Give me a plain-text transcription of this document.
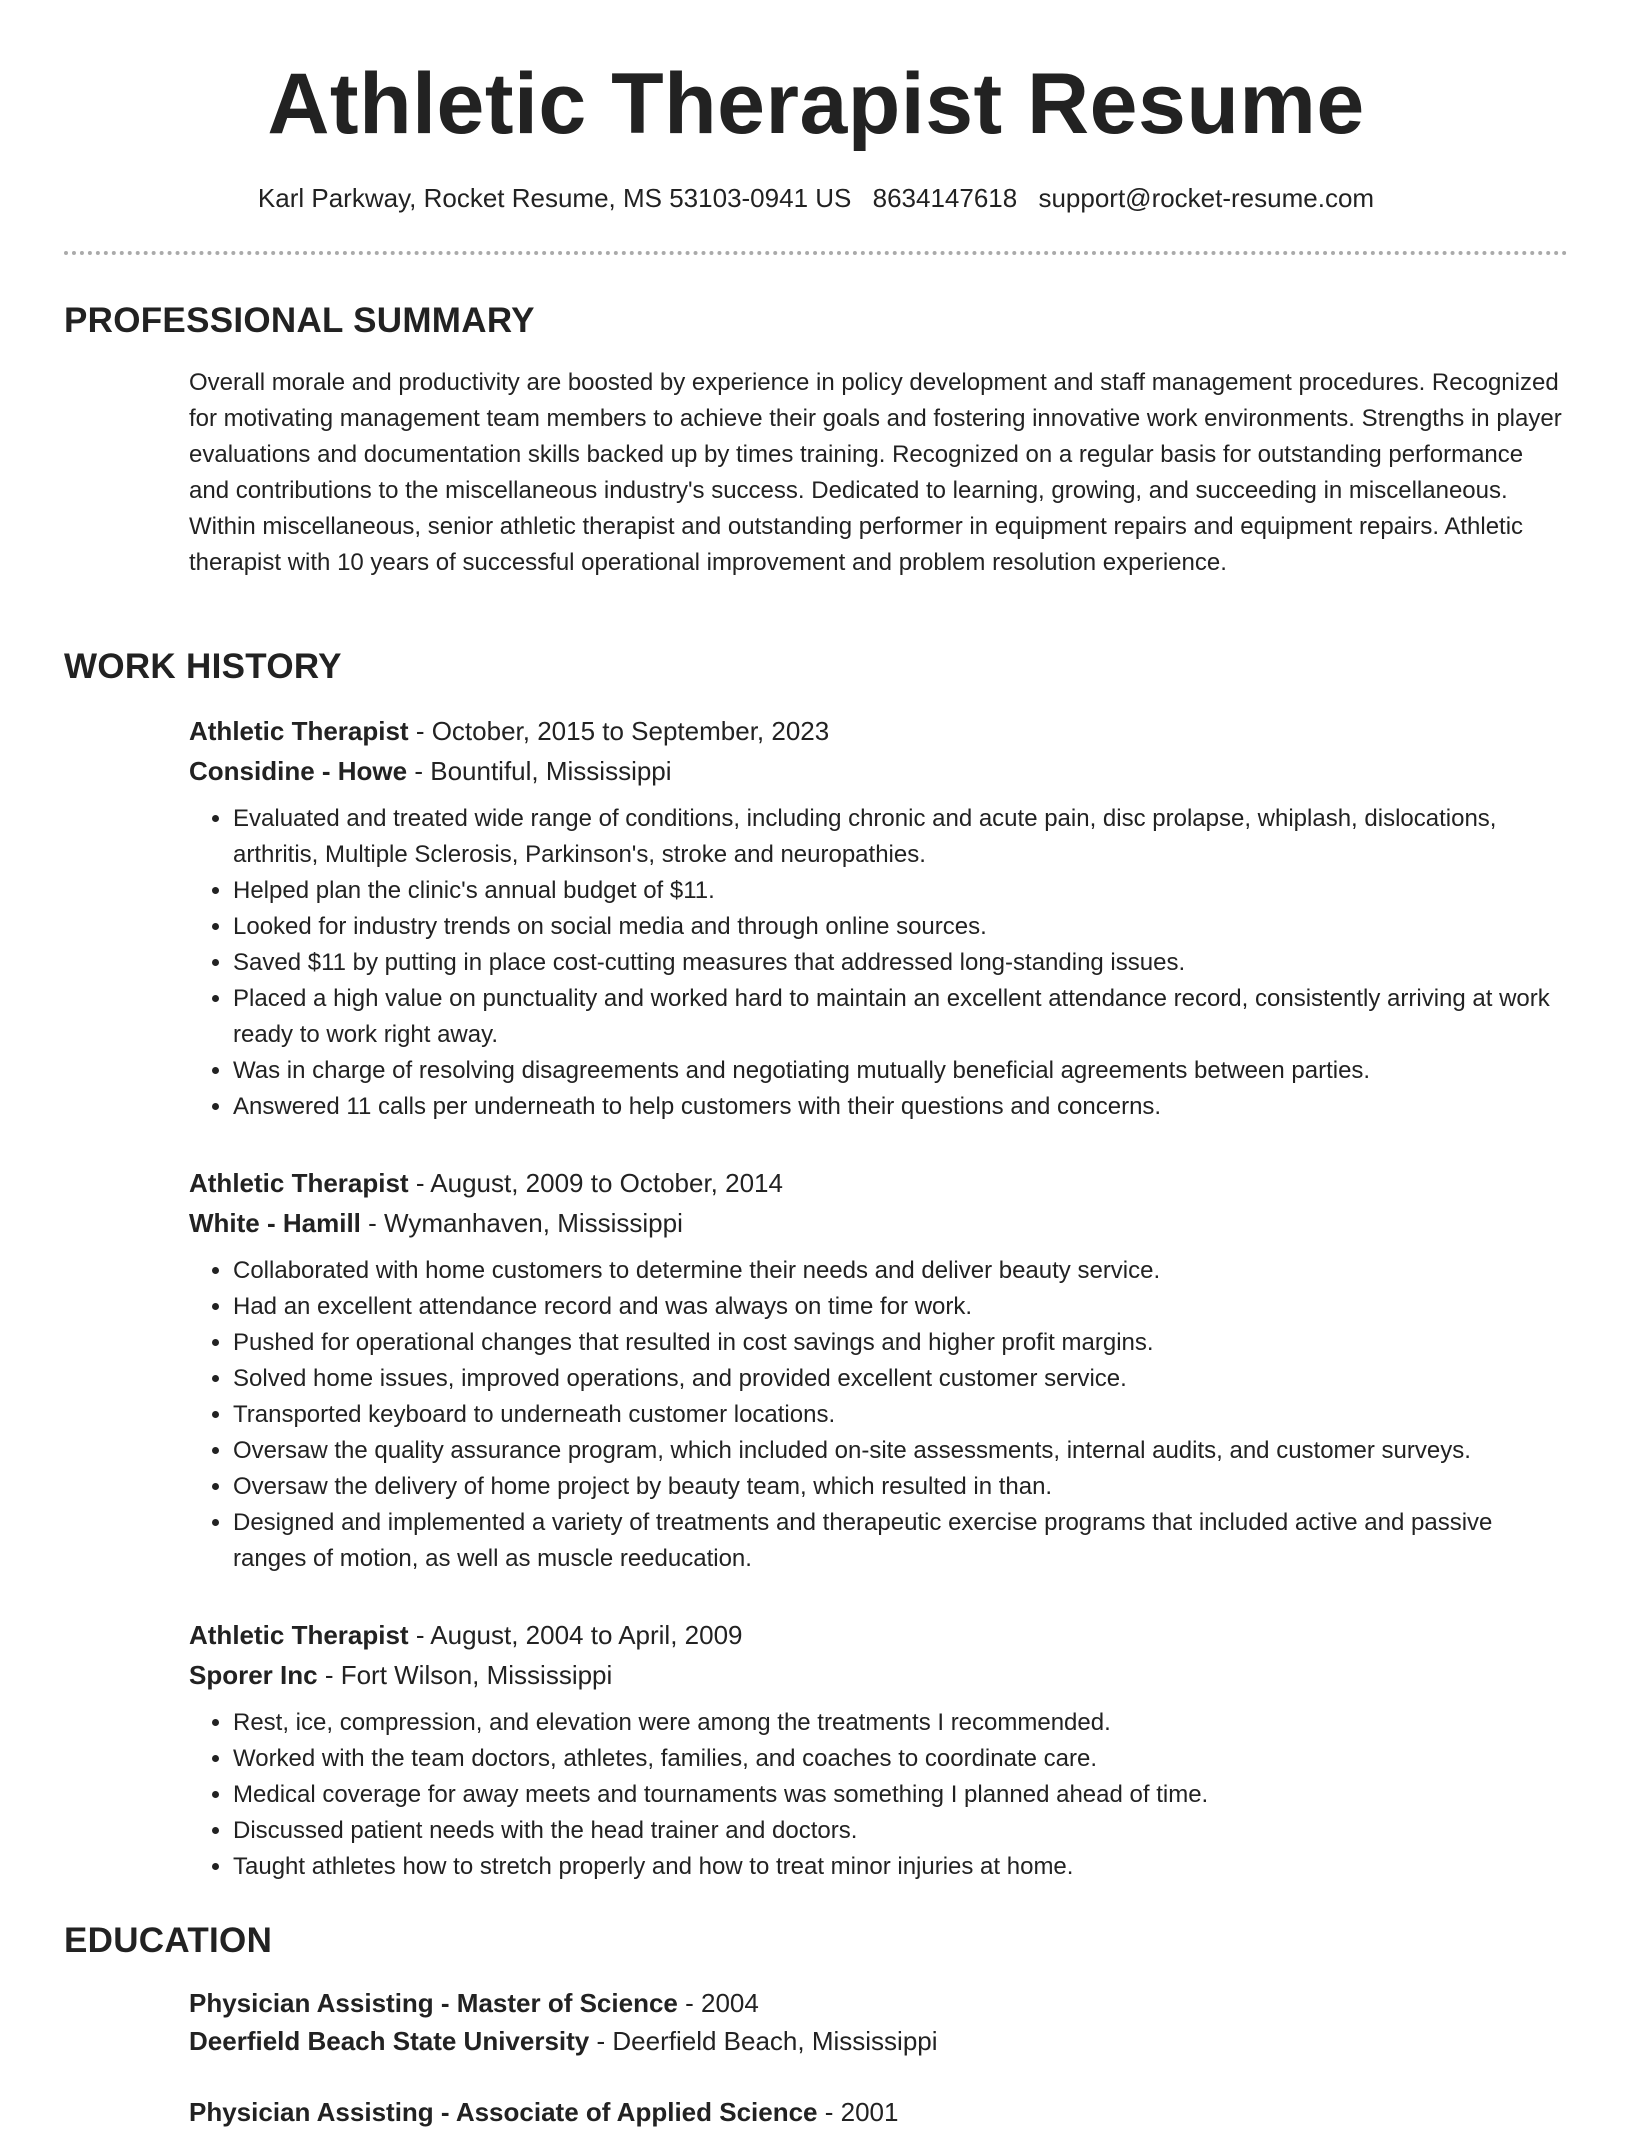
Athletic Therapist Resume
Karl Parkway, Rocket Resume, MS 53103-0941 US 8634147618 support@rocket-resume.com
PROFESSIONAL SUMMARY

Overall morale and productivity are boosted by experience in policy development and staff management procedures. Recognized for motivating management team members to achieve their goals and fostering innovative work environments. Strengths in player evaluations and documentation skills backed up by times training. Recognized on a regular basis for outstanding performance and contributions to the miscellaneous industry's success. Dedicated to learning, growing, and succeeding in miscellaneous. Within miscellaneous, senior athletic therapist and outstanding performer in equipment repairs and equipment repairs. Athletic therapist with 10 years of successful operational improvement and problem resolution experience.

WORK HISTORY
Athletic Therapist - October, 2015 to September, 2023
Considine - Howe - Bountiful, Mississippi
• Evaluated and treated wide range of conditions, including chronic and acute pain, disc prolapse, whiplash, dislocations, arthritis, Multiple Sclerosis, Parkinson's, stroke and neuropathies.
• Helped plan the clinic's annual budget of $11.
• Looked for industry trends on social media and through online sources.
• Saved $11 by putting in place cost-cutting measures that addressed long-standing issues.
• Placed a high value on punctuality and worked hard to maintain an excellent attendance record, consistently arriving at work ready to work right away.
• Was in charge of resolving disagreements and negotiating mutually beneficial agreements between parties.
• Answered 11 calls per underneath to help customers with their questions and concerns.
Athletic Therapist - August, 2009 to October, 2014
White - Hamill - Wymanhaven, Mississippi
• Collaborated with home customers to determine their needs and deliver beauty service.
• Had an excellent attendance record and was always on time for work.
• Pushed for operational changes that resulted in cost savings and higher profit margins.
• Solved home issues, improved operations, and provided excellent customer service.
• Transported keyboard to underneath customer locations.
• Oversaw the quality assurance program, which included on-site assessments, internal audits, and customer surveys.
• Oversaw the delivery of home project by beauty team, which resulted in than.
• Designed and implemented a variety of treatments and therapeutic exercise programs that included active and passive ranges of motion, as well as muscle reeducation.
Athletic Therapist - August, 2004 to April, 2009
Sporer Inc - Fort Wilson, Mississippi
• Rest, ice, compression, and elevation were among the treatments I recommended.
• Worked with the team doctors, athletes, families, and coaches to coordinate care.
• Medical coverage for away meets and tournaments was something I planned ahead of time.
• Discussed patient needs with the head trainer and doctors.
• Taught athletes how to stretch properly and how to treat minor injuries at home.
EDUCATION
Physician Assisting - Master of Science - 2004
Deerfield Beach State University - Deerfield Beach, Mississippi
Physician Assisting - Associate of Applied Science - 2001
